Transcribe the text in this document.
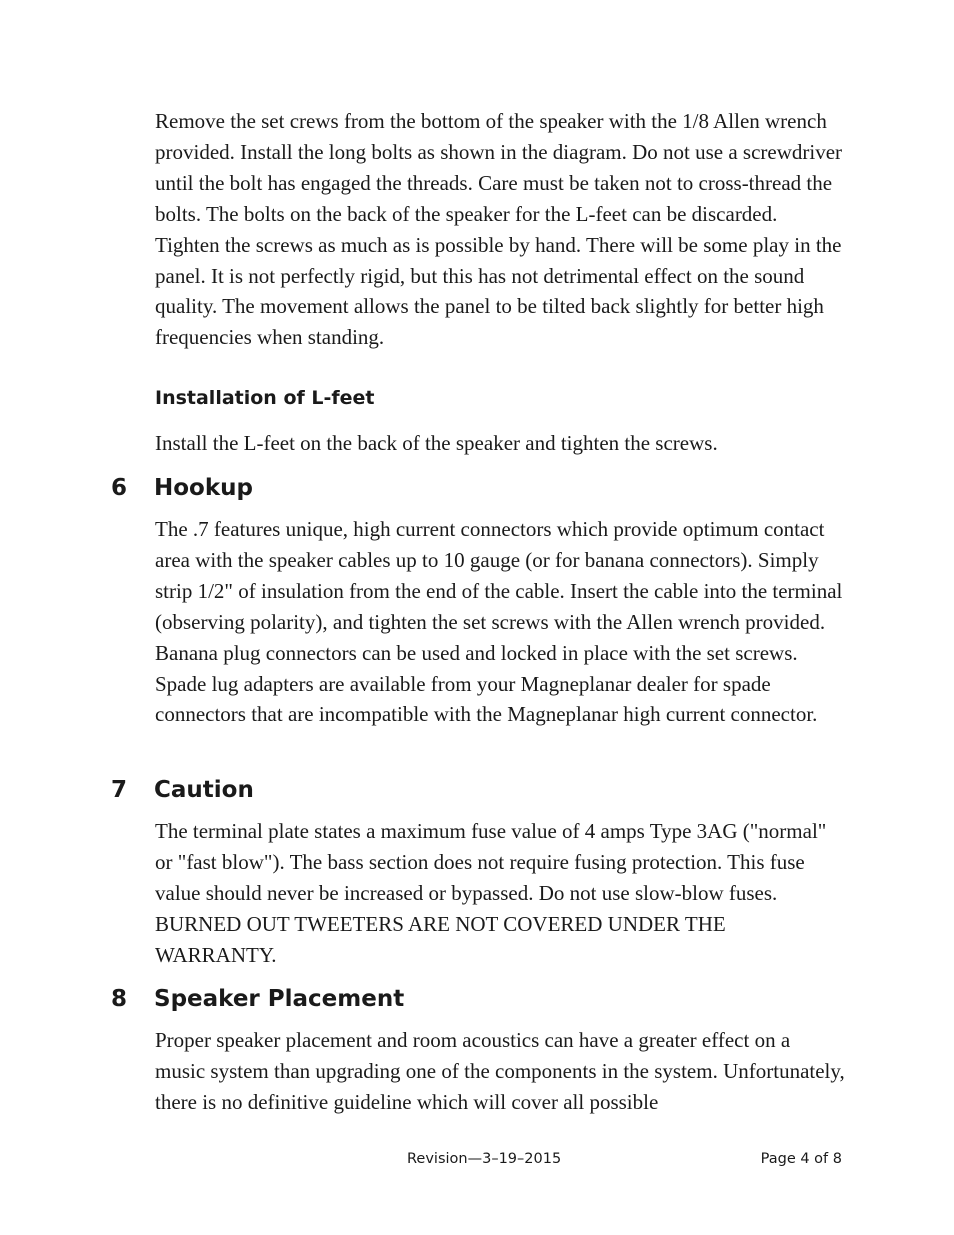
Remove the set crews from the bottom of the speaker with the 1/8 Allen wrench provided. Install the long bolts as shown in the diagram. Do not use a screwdriver until the bolt has engaged the threads. Care must be taken not to cross-thread the bolts. The bolts on the back of the speaker for the L-feet can be discarded. Tighten the screws as much as is possible by hand. There will be some play in the panel. It is not perfectly rigid, but this has not detrimental effect on the sound quality. The movement allows the panel to be tilted back slightly for better high frequencies when standing.

Installation of L-feet

Install the L-feet on the back of the speaker and tighten the screws.

6 Hookup

The .7 features unique, high current connectors which provide optimum contact area with the speaker cables up to 10 gauge (or for banana connectors). Simply strip 1/2" of insulation from the end of the cable. Insert the cable into the terminal (observing polarity), and tighten the set screws with the Allen wrench provided. Banana plug connectors can be used and locked in place with the set screws. Spade lug adapters are available from your Magneplanar dealer for spade connectors that are incompatible with the Magneplanar high current connector.

7 Caution

The terminal plate states a maximum fuse value of 4 amps Type 3AG ("normal" or "fast blow"). The bass section does not require fusing protection. This fuse value should never be increased or bypassed. Do not use slow-blow fuses. BURNED OUT TWEETERS ARE NOT COVERED UNDER THE WARRANTY.

8 Speaker Placement

Proper speaker placement and room acoustics can have a greater effect on a music system than upgrading one of the components in the system. Unfortunately, there is no definitive guideline which will cover all possible

Revision—3–19–2015	Page 4 of 8
